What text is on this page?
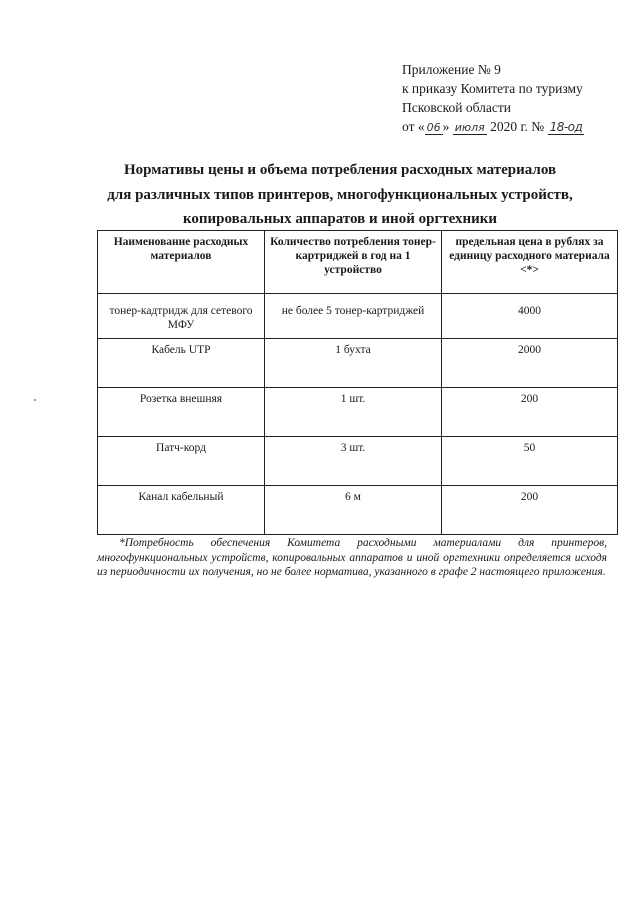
Приложение № 9
к приказу Комитета по туризму
Псковской области
от « 06 » июля 2020 г. № 18-од
Нормативы цены и объема потребления расходных материалов
для различных типов принтеров, многофункциональных устройств,
копировальных аппаратов и иной оргтехники
Наименование расходных материалов	Количество потребления тонер-картриджей в год на 1 устройство	предельная цена в рублях за единицу расходного материала <*>
тонер-кадтридж для сетевого МФУ	не более 5 тонер-картриджей	4000
Кабель UTP	1 бухта	2000
Розетка внешняя	1 шт.	200
Патч-корд	3 шт.	50
Канал кабельный	6 м	200
*Потребность обеспечения Комитета расходными материалами для принтеров, многофункциональных устройств, копировальных аппаратов и иной оргтехники определяется исходя из периодичности их получения, но не более норматива, указанного в графе 2 настоящего приложения.
